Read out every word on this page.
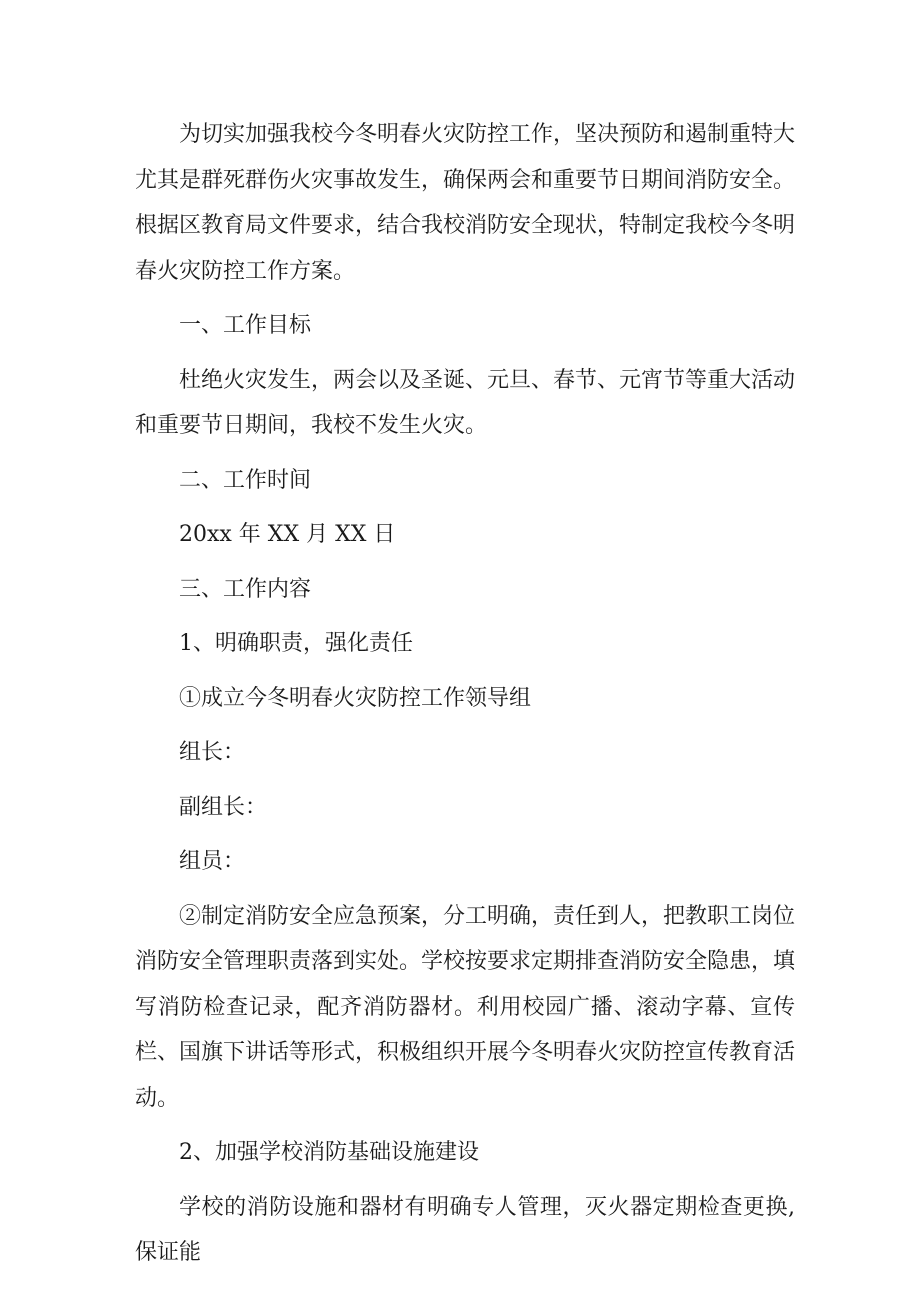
为切实加强我校今冬明春火灾防控工作，坚决预防和遏制重特大尤其是群死群伤火灾事故发生，确保两会和重要节日期间消防安全。根据区教育局文件要求，结合我校消防安全现状，特制定我校今冬明春火灾防控工作方案。

一、工作目标

杜绝火灾发生，两会以及圣诞、元旦、春节、元宵节等重大活动和重要节日期间，我校不发生火灾。

二、工作时间

20xx 年 XX 月 XX 日

三、工作内容

1、明确职责，强化责任

①成立今冬明春火灾防控工作领导组

组长：

副组长：

组员：

②制定消防安全应急预案，分工明确，责任到人，把教职工岗位消防安全管理职责落到实处。学校按要求定期排查消防安全隐患，填写消防检查记录，配齐消防器材。利用校园广播、滚动字幕、宣传栏、国旗下讲话等形式，积极组织开展今冬明春火灾防控宣传教育活动。

2、加强学校消防基础设施建设

学校的消防设施和器材有明确专人管理，灭火器定期检查更换,保证能
